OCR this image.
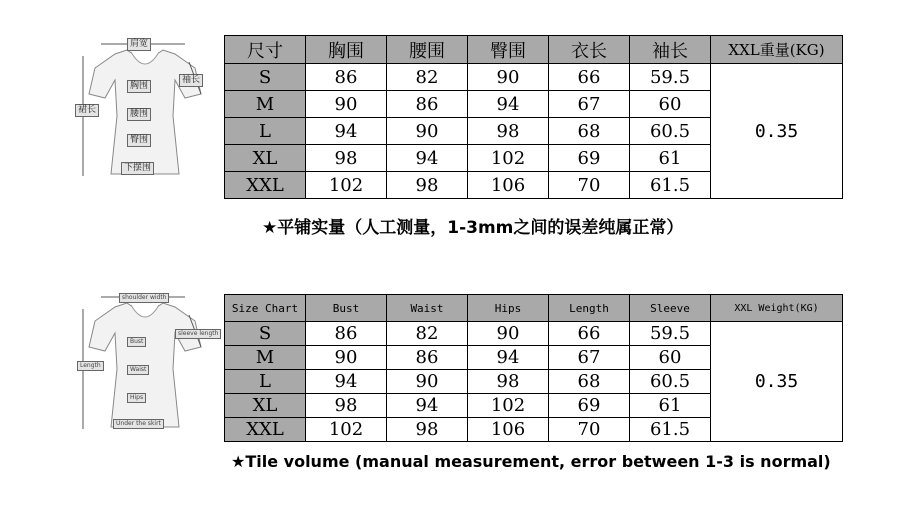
肩宽
袖长
胸围
裙长	腰围
臀围
下摆围
尺寸	胸围	腰围	臀围	衣长	袖长	XXL重量(KG)
S	86	82	90	66	59.5	0.35
M	90	86	94	67	60	
L	94	90	98	68	60.5	
XL	98	94	102	69	61	
XXL	102	98	106	70	61.5	
★平铺实量（人工测量，1-3mm之间的误差纯属正常）
shoulder width
sleeve length
Bust
Length
Waist
Hips
Under the skirt
Size Chart	Bust	Waist	Hips	Length	Sleeve	XXL Weight(KG)
S	86	82	90	66	59.5	0.35
M	90	86	94	67	60	
L	94	90	98	68	60.5	
XL	98	94	102	69	61	
XXL	102	98	106	70	61.5	
★Tile volume (manual measurement, error between 1-3 is normal)
